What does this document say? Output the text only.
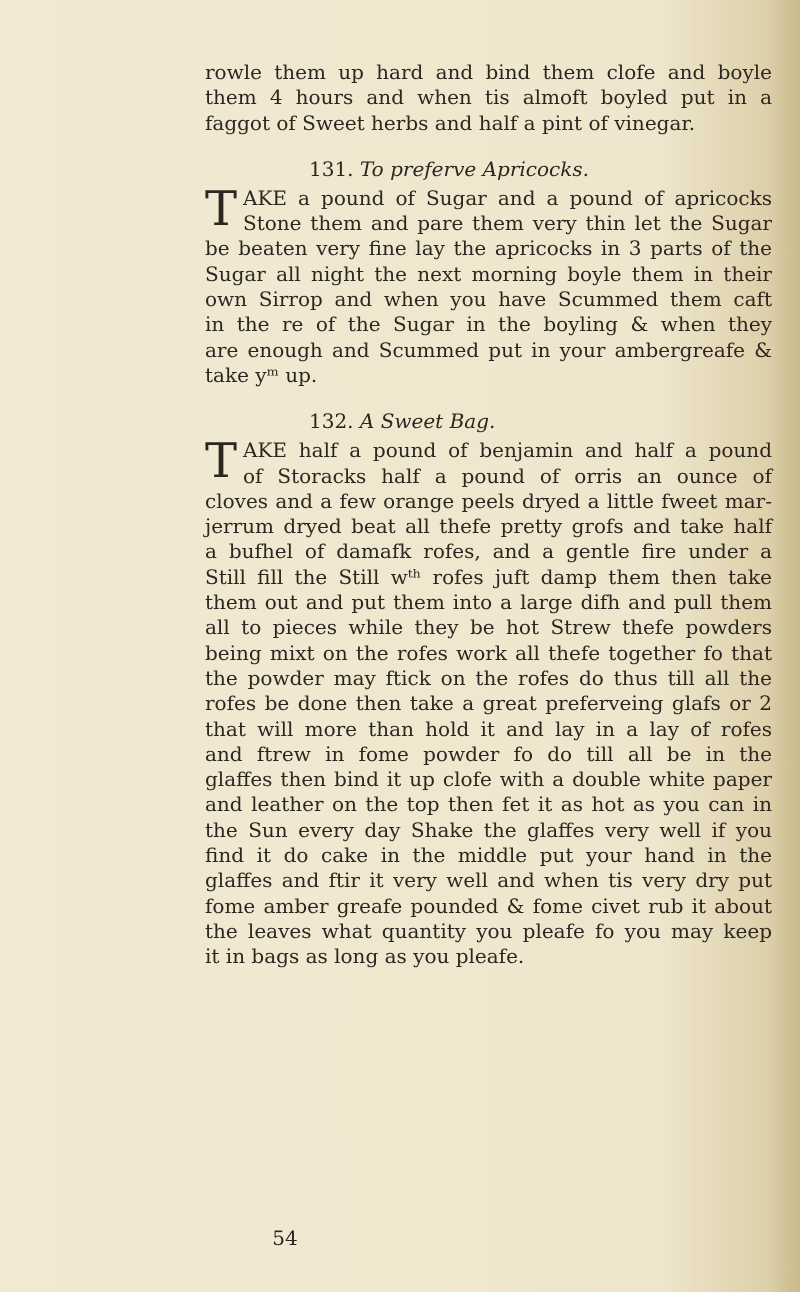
rowle them up hard and bind them clofe and boyle
them 4 hours and when tis almoft boyled put in a
faggot of Sweet herbs and half a pint of vinegar.
131. To preferve Apricocks.
T AKE a pound of Sugar and a pound of apricocks
Stone them and pare them very thin let the Sugar
be beaten very fine lay the apricocks in 3 parts of the
Sugar all night the next morning boyle them in their
own Sirrop and when you have Scummed them caft
in the re of the Sugar in the boyling & when they
are enough and Scummed put in your ambergreafe &
take yᵐ up.
132. A Sweet Bag.
T AKE half a pound of benjamin and half a pound
of Storacks half a pound of orris an ounce of
cloves and a few orange peels dryed a little fweet mar-
jerrum dryed beat all thefe pretty grofs and take half
a bufhel of damafk rofes, and a gentle fire under a
Still fill the Still wᵗʰ rofes juft damp them then take
them out and put them into a large difh and pull them
all to pieces while they be hot Strew thefe powders
being mixt on the rofes work all thefe together fo that
the powder may ftick on the rofes do thus till all the
rofes be done then take a great preferveing glafs or 2
that will more than hold it and lay in a lay of rofes
and ftrew in fome powder fo do till all be in the
glaffes then bind it up clofe with a double white paper
and leather on the top then fet it as hot as you can in
the Sun every day Shake the glaffes very well if you
find it do cake in the middle put your hand in the
glaffes and ftir it very well and when tis very dry put
fome amber greafe pounded & fome civet rub it about
the leaves what quantity you pleafe fo you may keep
it in bags as long as you pleafe.
54
